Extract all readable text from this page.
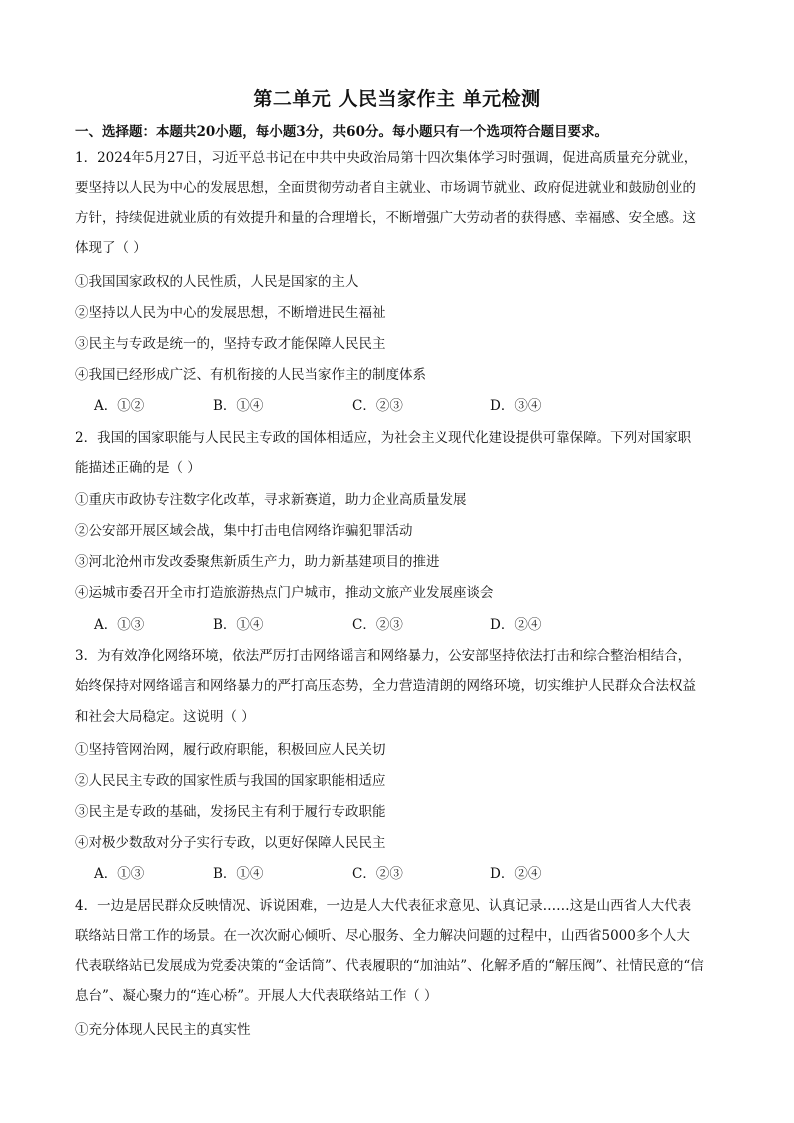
第二单元 人民当家作主 单元检测
一、选择题：本题共20小题，每小题3分，共60分。每小题只有一个选项符合题目要求。
1．2024年5月27日，习近平总书记在中共中央政治局第十四次集体学习时强调，促进高质量充分就业，
要坚持以人民为中心的发展思想，全面贯彻劳动者自主就业、市场调节就业、政府促进就业和鼓励创业的
方针，持续促进就业质的有效提升和量的合理增长，不断增强广大劳动者的获得感、幸福感、安全感。这
体现了（ ）
①我国国家政权的人民性质，人民是国家的主人
②坚持以人民为中心的发展思想，不断增进民生福祉
③民主与专政是统一的，坚持专政才能保障人民民主
④我国已经形成广泛、有机衔接的人民当家作主的制度体系
A．①②	B．①④	C．②③	D．③④
2．我国的国家职能与人民民主专政的国体相适应，为社会主义现代化建设提供可靠保障。下列对国家职
能描述正确的是（ ）
①重庆市政协专注数字化改革，寻求新赛道，助力企业高质量发展
②公安部开展区域会战，集中打击电信网络诈骗犯罪活动
③河北沧州市发改委聚焦新质生产力，助力新基建项目的推进
④运城市委召开全市打造旅游热点门户城市，推动文旅产业发展座谈会
A．①③	B．①④	C．②③	D．②④
3．为有效净化网络环境，依法严厉打击网络谣言和网络暴力，公安部坚持依法打击和综合整治相结合，
始终保持对网络谣言和网络暴力的严打高压态势，全力营造清朗的网络环境，切实维护人民群众合法权益
和社会大局稳定。这说明（ ）
①坚持管网治网，履行政府职能，积极回应人民关切
②人民民主专政的国家性质与我国的国家职能相适应
③民主是专政的基础，发扬民主有利于履行专政职能
④对极少数敌对分子实行专政，以更好保障人民民主
A．①③	B．①④	C．②③	D．②④
4．一边是居民群众反映情况、诉说困难，一边是人大代表征求意见、认真记录……这是山西省人大代表
联络站日常工作的场景。在一次次耐心倾听、尽心服务、全力解决问题的过程中，山西省5000多个人大
代表联络站已发展成为党委决策的“金话筒”、代表履职的“加油站”、化解矛盾的“解压阀”、社情民意的“信
息台”、凝心聚力的“连心桥”。开展人大代表联络站工作（ ）
①充分体现人民民主的真实性
